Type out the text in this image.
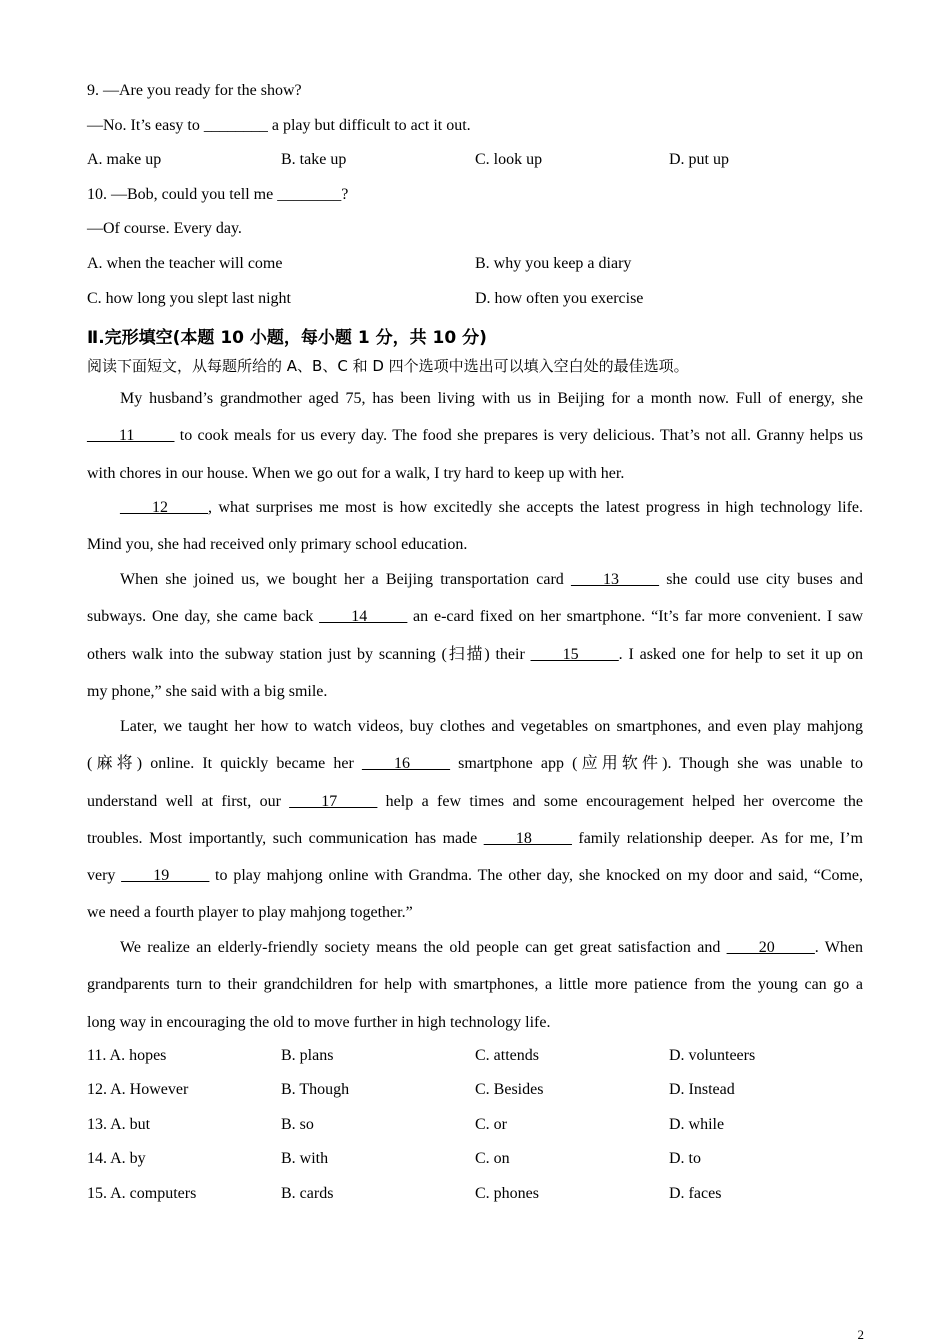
9. —Are you ready for the show?
—No. It’s easy to ________ a play but difficult to act it out.
A. make up	B. take up	C. look up	D. put up
10. —Bob, could you tell me ________?
—Of course. Every day.
A. when the teacher will come	B. why you keep a diary
C. how long you slept last night	D. how often you exercise
Ⅱ.完形填空(本题 10 小题，每小题 1 分，共 10 分)
阅读下面短文，从每题所给的 A、B、C 和 D 四个选项中选出可以填入空白处的最佳选项。
My husband’s grandmother aged 75, has been living with us in Beijing for a month now. Full of energy, she
____11_____ to cook meals for us every day. The food she prepares is very delicious. That’s not all. Granny helps us
with chores in our house. When we go out for a walk, I try hard to keep up with her.
____12_____, what surprises me most is how excitedly she accepts the latest progress in high technology life.
Mind you, she had received only primary school education.
When she joined us, we bought her a Beijing transportation card ____13_____ she could use city buses and
subways. One day, she came back ____14_____ an e-card fixed on her smartphone. “It’s far more convenient. I saw
others walk into the subway station just by scanning (扫描) their ____15_____. I asked one for help to set it up on
my phone,” she said with a big smile.
Later, we taught her how to watch videos, buy clothes and vegetables on smartphones, and even play mahjong
(麻将) online. It quickly became her ____16_____ smartphone app (应用软件). Though she was unable to
understand well at first, our ____17_____ help a few times and some encouragement helped her overcome the
troubles. Most importantly, such communication has made ____18_____ family relationship deeper. As for me, I’m
very ____19_____ to play mahjong online with Grandma. The other day, she knocked on my door and said, “Come,
we need a fourth player to play mahjong together.”
We realize an elderly-friendly society means the old people can get great satisfaction and ____20_____. When
grandparents turn to their grandchildren for help with smartphones, a little more patience from the young can go a
long way in encouraging the old to move further in high technology life.
11. A. hopes	B. plans	C. attends	D. volunteers
12. A. However	B. Though	C. Besides	D. Instead
13. A. but	B. so	C. or	D. while
14. A. by	B. with	C. on	D. to
15. A. computers	B. cards	C. phones	D. faces
2
